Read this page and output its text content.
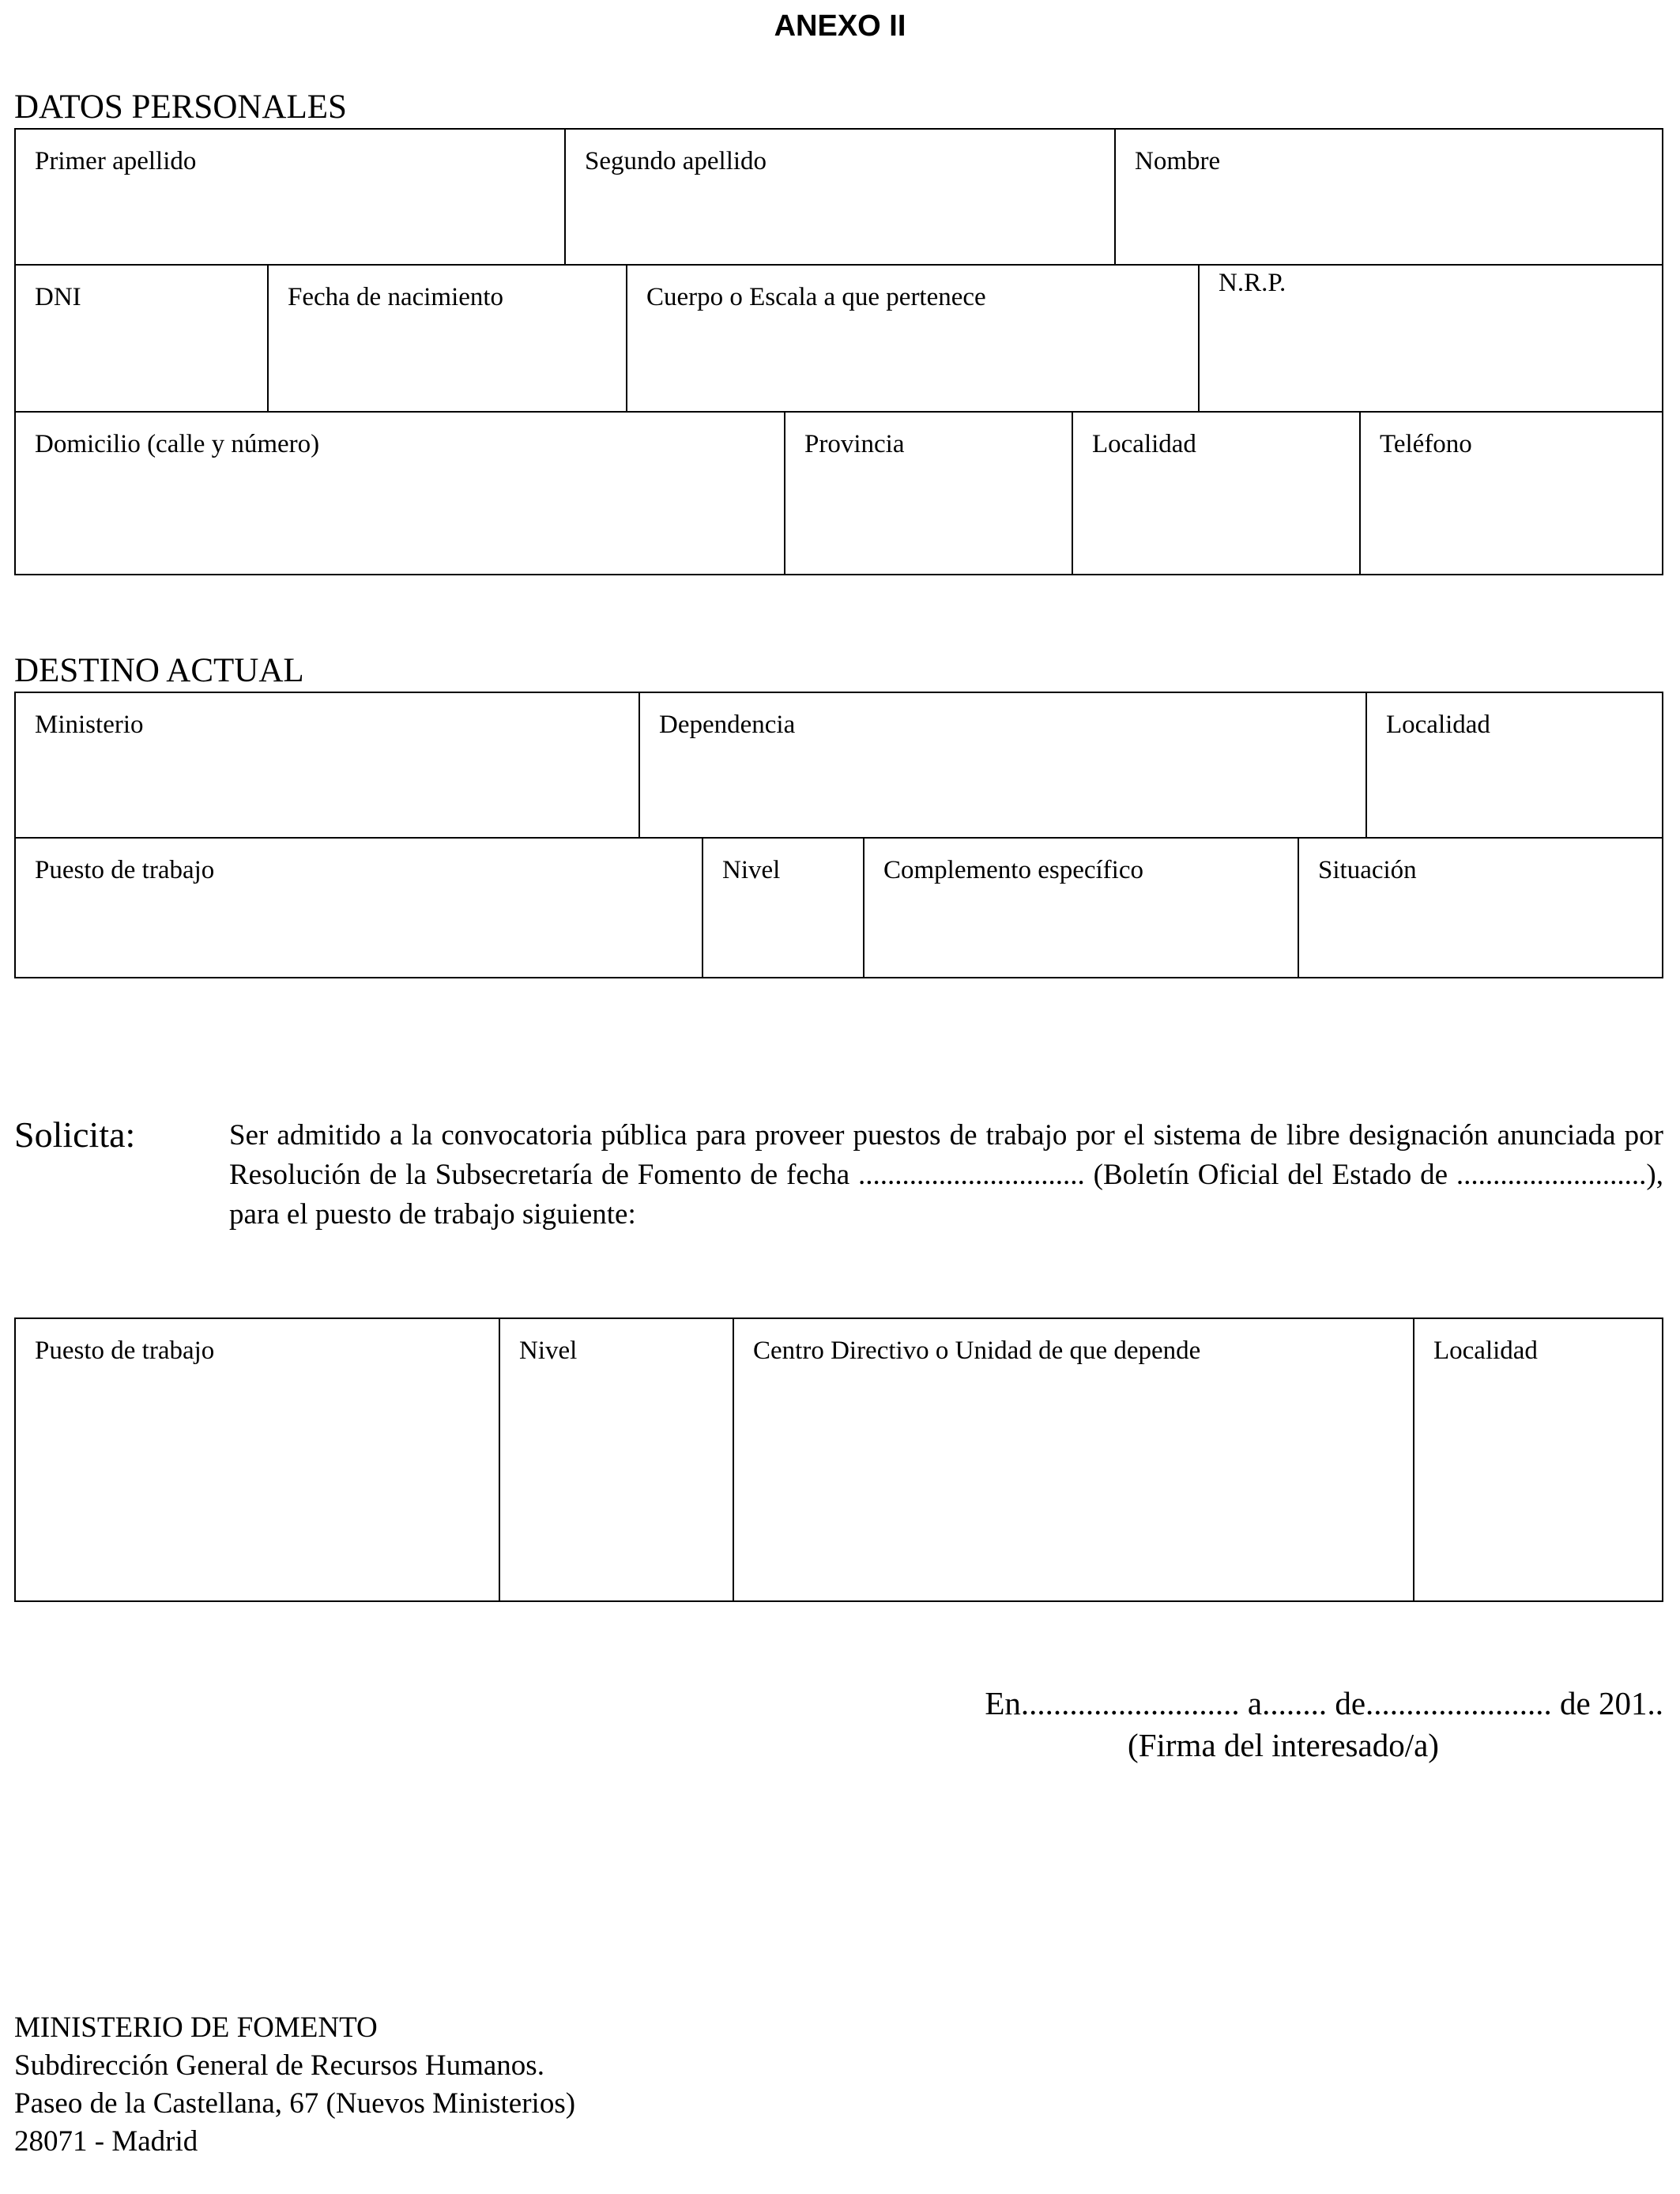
ANEXO II
DATOS PERSONALES
Primer apellido	Segundo apellido	Nombre
DNI	Fecha de nacimiento	Cuerpo o Escala a que pertenece	N.R.P.
Domicilio (calle y número)	Provincia	Localidad	Teléfono
DESTINO ACTUAL
Ministerio	Dependencia	Localidad
Puesto de trabajo	Nivel	Complemento específico	Situación
Solicita:	Ser admitido a la convocatoria pública para proveer puestos de trabajo por el sistema de libre designación anunciada por Resolución de la Subsecretaría de Fomento de fecha ............................... (Boletín Oficial del Estado de ..........................), para el puesto de trabajo siguiente:
Puesto de trabajo	Nivel	Centro Directivo o Unidad de que depende	Localidad
En........................... a........ de....................... de 201..
(Firma del interesado/a)
MINISTERIO DE FOMENTO
Subdirección General de Recursos Humanos.
Paseo de la Castellana, 67 (Nuevos Ministerios)
28071 - Madrid
